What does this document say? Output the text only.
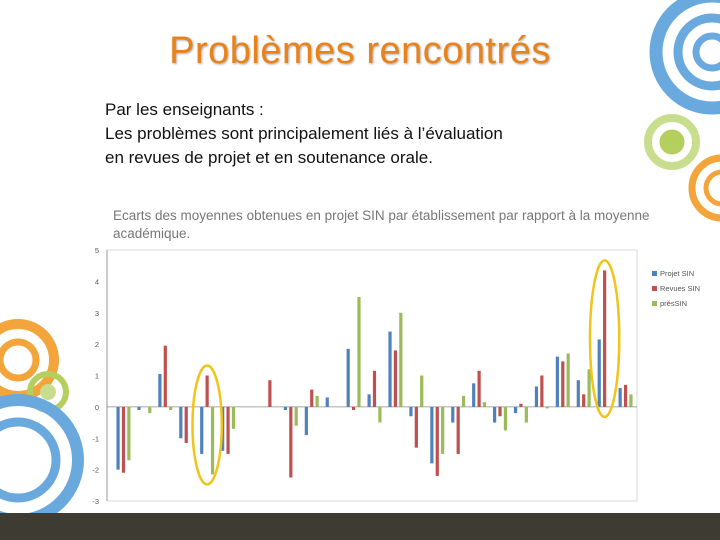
Problèmes rencontrés
Par les enseignants :
Les problèmes sont principalement liés à l’évaluation
en revues de projet et en soutenance orale.
Ecarts des moyennes obtenues en projet SIN par établissement par rapport à la moyenne académique.
5
4
3
2
1
0
-1
-2
-3
Projet SIN
Revues SIN
présSIN
